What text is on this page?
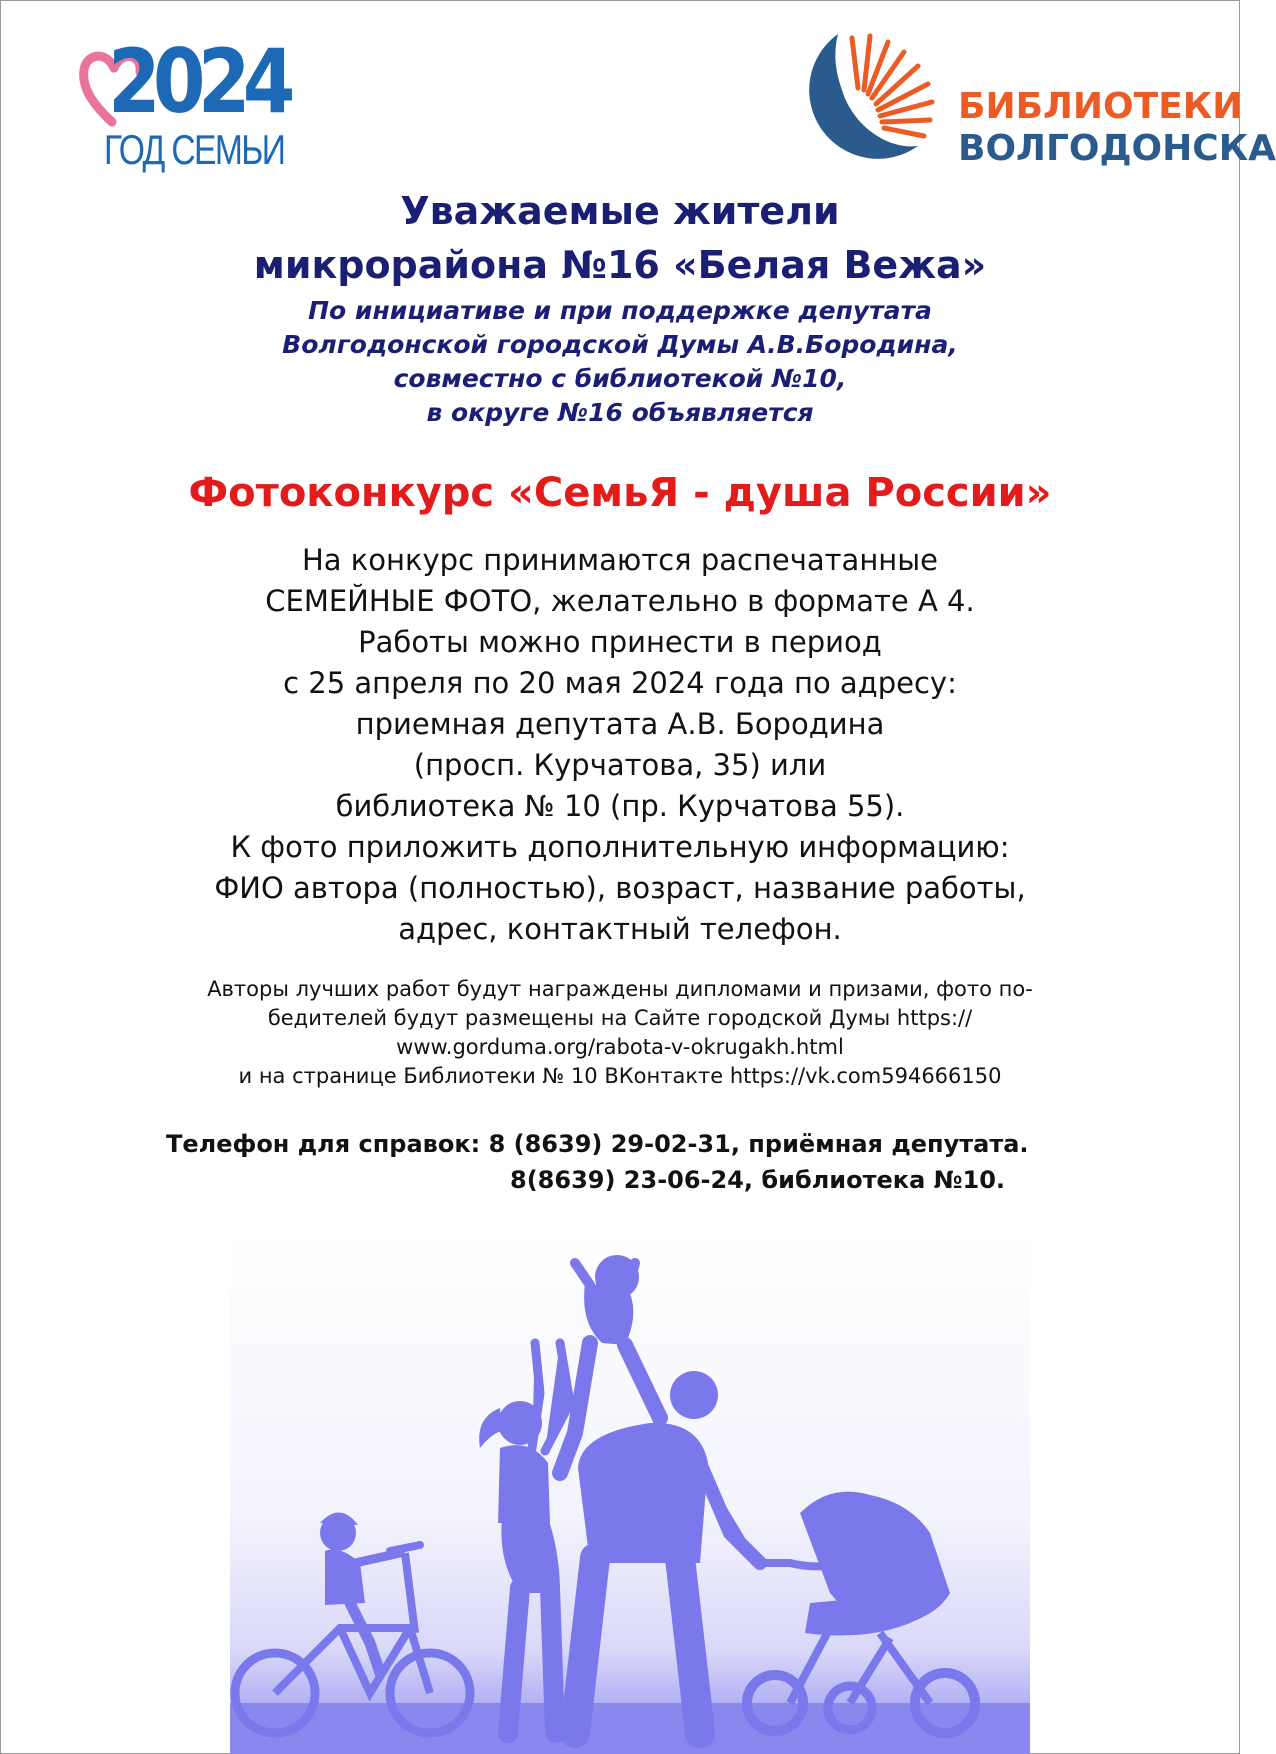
2024
ГОД СЕМЬИ
БИБЛИОТЕКИ
ВОЛГОДОНСКА
Уважаемые жители
микрорайона №16 «Белая Вежа»
По инициативе и при поддержке депутата
Волгодонской городской Думы А.В.Бородина,
совместно с библиотекой №10,
в округе №16 объявляется
Фотоконкурс «СемьЯ - душа России»
На конкурс принимаются распечатанные
СЕМЕЙНЫЕ ФОТО, желательно в формате А 4.
Работы можно принести в период
с 25 апреля по 20 мая 2024 года по адресу:
приемная депутата А.В. Бородина
(просп. Курчатова, 35) или
библиотека № 10 (пр. Курчатова 55).
К фото приложить дополнительную информацию:
ФИО автора (полностью), возраст, название работы,
адрес, контактный телефон.
Авторы лучших работ будут награждены дипломами и призами, фото по-
бедителей будут размещены на Сайте городской Думы https://
www.gorduma.org/rabota-v-okrugakh.html
и на странице Библиотеки № 10 ВКонтакте https://vk.com594666150
Телефон для справок: 8 (8639) 29-02-31, приёмная депутата.
8(8639) 23-06-24, библиотека №10.
